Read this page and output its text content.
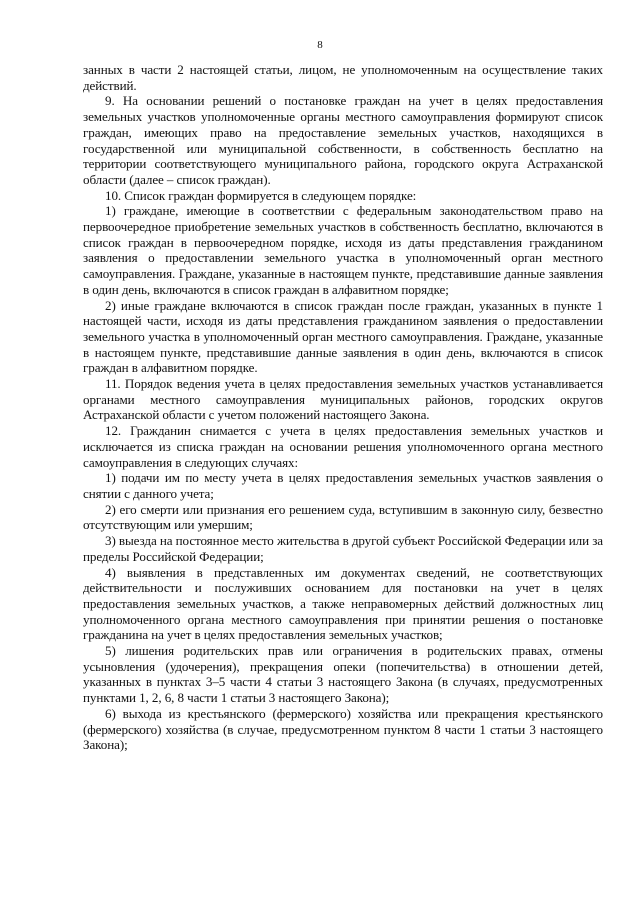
8

занных в части 2 настоящей статьи, лицом, не уполномоченным на осуществление таких действий.

9. На основании решений о постановке граждан на учет в целях предоставления земельных участков уполномоченные органы местного самоуправления формируют список граждан, имеющих право на предоставление земельных участков, находящихся в государственной или муниципальной собственности, в собственность бесплатно на территории соответствующего муниципального района, городского округа Астраханской области (далее – список граждан).

10. Список граждан формируется в следующем порядке:

1) граждане, имеющие в соответствии с федеральным законодательством право на первоочередное приобретение земельных участков в собственность бесплатно, включаются в список граждан в первоочередном порядке, исходя из даты представления гражданином заявления о предоставлении земельного участка в уполномоченный орган местного самоуправления. Граждане, указанные в настоящем пункте, представившие данные заявления в один день, включаются в список граждан в алфавитном порядке;

2) иные граждане включаются в список граждан после граждан, указанных в пункте 1 настоящей части, исходя из даты представления гражданином заявления о предоставлении земельного участка в уполномоченный орган местного самоуправления. Граждане, указанные в настоящем пункте, представившие данные заявления в один день, включаются в список граждан в алфавитном порядке.

11. Порядок ведения учета в целях предоставления земельных участков устанавливается органами местного самоуправления муниципальных районов, городских округов Астраханской области с учетом положений настоящего Закона.

12. Гражданин снимается с учета в целях предоставления земельных участков и исключается из списка граждан на основании решения уполномоченного органа местного самоуправления в следующих случаях:

1) подачи им по месту учета в целях предоставления земельных участков заявления о снятии с данного учета;

2) его смерти или признания его решением суда, вступившим в законную силу, безвестно отсутствующим или умершим;

3) выезда на постоянное место жительства в другой субъект Российской Федерации или за пределы Российской Федерации;

4) выявления в представленных им документах сведений, не соответствующих действительности и послуживших основанием для постановки на учет в целях предоставления земельных участков, а также неправомерных действий должностных лиц уполномоченного органа местного самоуправления при принятии решения о постановке гражданина на учет в целях предоставления земельных участков;

5) лишения родительских прав или ограничения в родительских правах, отмены усыновления (удочерения), прекращения опеки (попечительства) в отношении детей, указанных в пунктах 3–5 части 4 статьи 3 настоящего Закона (в случаях, предусмотренных пунктами 1, 2, 6, 8 части 1 статьи 3 настоящего Закона);

6) выхода из крестьянского (фермерского) хозяйства или прекращения крестьянского (фермерского) хозяйства (в случае, предусмотренном пунктом 8 части 1 статьи 3 настоящего Закона);
